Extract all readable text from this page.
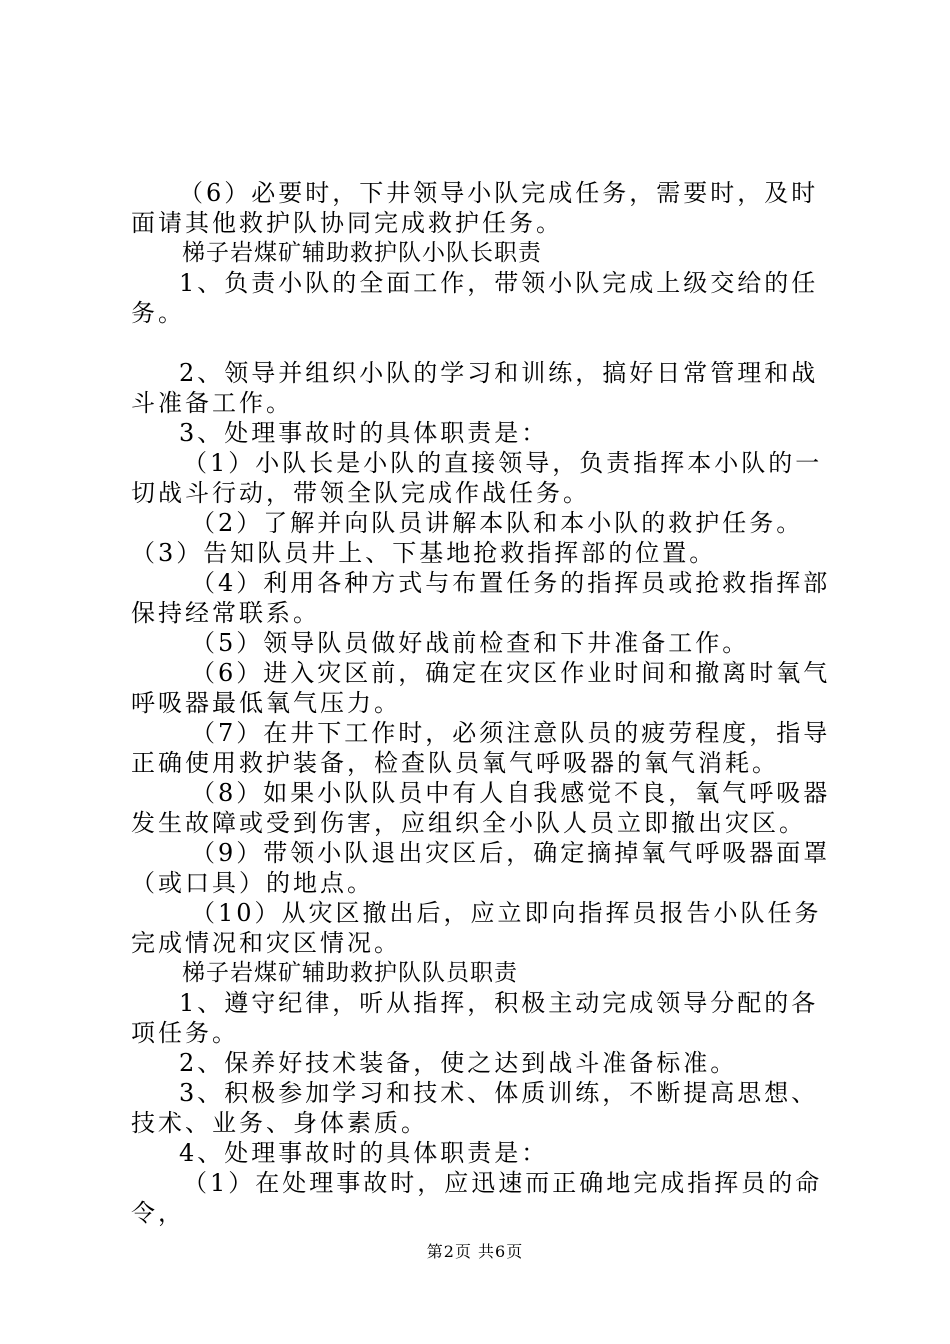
（6）必要时，下井领导小队完成任务，需要时，及时面请其他救护队协同完成救护任务。

梯子岩煤矿辅助救护队小队长职责

1、负责小队的全面工作，带领小队完成上级交给的任务。

2、领导并组织小队的学习和训练，搞好日常管理和战斗准备工作。

3、处理事故时的具体职责是：

（1）小队长是小队的直接领导，负责指挥本小队的一切战斗行动，带领全队完成作战任务。

（2）了解并向队员讲解本队和本小队的救护任务。（3）告知队员井上、下基地抢救指挥部的位置。

（4）利用各种方式与布置任务的指挥员或抢救指挥部保持经常联系。

（5）领导队员做好战前检查和下井准备工作。

（6）进入灾区前，确定在灾区作业时间和撤离时氧气呼吸器最低氧气压力。

（7）在井下工作时，必须注意队员的疲劳程度，指导正确使用救护装备，检查队员氧气呼吸器的氧气消耗。

（8）如果小队队员中有人自我感觉不良，氧气呼吸器发生故障或受到伤害，应组织全小队人员立即撤出灾区。

（9）带领小队退出灾区后，确定摘掉氧气呼吸器面罩（或口具）的地点。

（10）从灾区撤出后，应立即向指挥员报告小队任务完成情况和灾区情况。

梯子岩煤矿辅助救护队队员职责

1、遵守纪律，听从指挥，积极主动完成领导分配的各项任务。

2、保养好技术装备，使之达到战斗准备标准。

3、积极参加学习和技术、体质训练，不断提高思想、技术、业务、身体素质。

4、处理事故时的具体职责是：

（1）在处理事故时，应迅速而正确地完成指挥员的命令，

第2页 共6页
